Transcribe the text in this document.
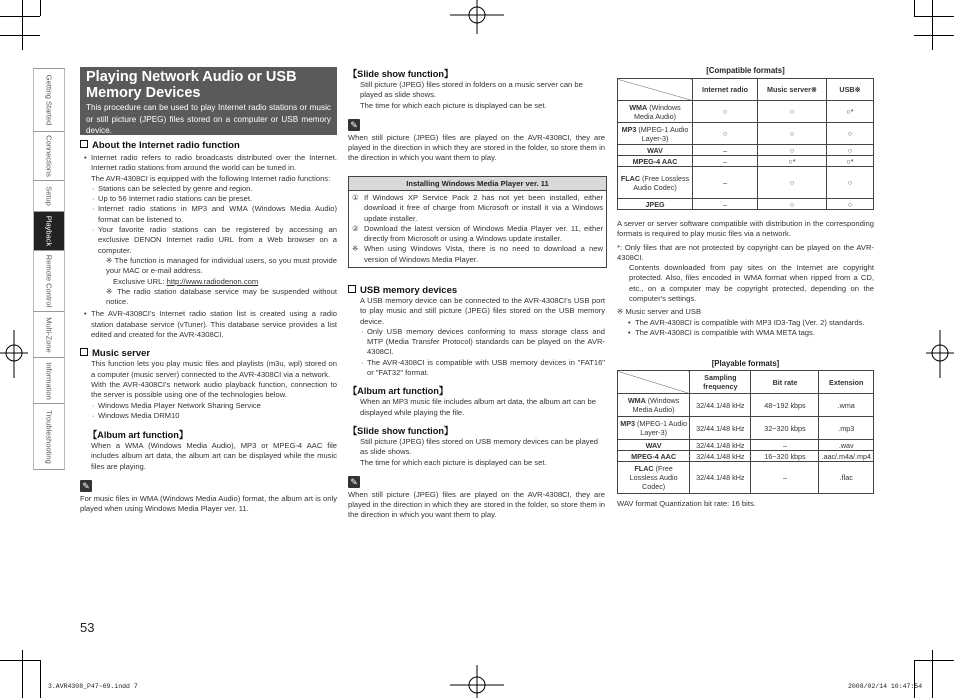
Getting Started
Connections
Setup
Playback
Remote Control
Multi-Zone
Information
Troubleshooting
Playing Network Audio or USB
Memory Devices

This procedure can be used to play Internet radio stations or music or still picture (JPEG) files stored on a computer or USB memory device.

About the Internet radio function
• Internet radio refers to radio broadcasts distributed over the Internet. Internet radio stations from around the world can be tuned in.
The AVR-4308CI is equipped with the following Internet radio functions:
· Stations can be selected by genre and region.
· Up to 56 Internet radio stations can be preset.
· Internet radio stations in MP3 and WMA (Windows Media Audio) format can be listened to.
· Your favorite radio stations can be registered by accessing an exclusive DENON Internet radio URL from a Web browser on a computer.
※ The function is managed for individual users, so you must provide your MAC or e-mail address.
Exclusive URL: http://www.radiodenon.com
※ The radio station database service may be suspended without notice.
• The AVR-4308CI's Internet radio station list is created using a radio station database service (vTuner). This database service provides a list edited and created for the AVR-4308CI.
Music server
This function lets you play music files and playlists (m3u, wpl) stored on a computer (music server) connected to the AVR-4308CI via a network.
With the AVR-4308CI's network audio playback function, connection to the server is possible using one of the technologies below.
· Windows Media Player Network Sharing Service
· Windows Media DRM10
【Album art function】
When a WMA (Windows Media Audio), MP3 or MPEG-4 AAC file includes album art data, the album art can be displayed while the music files are playing.
✎
For music files in WMA (Windows Media Audio) format, the album art is only played when using Windows Media Player ver. 11.
【Slide show function】
Still picture (JPEG) files stored in folders on a music server can be played as slide shows.
The time for which each picture is displayed can be set.
✎
When still picture (JPEG) files are played on the AVR-4308CI, they are played in the direction in which they are stored in the folder, so store them in the direction in which you want them to play.
Installing Windows Media Player ver. 11
① If Windows XP Service Pack 2 has not yet been installed, either download it free of charge from Microsoft or install it via a Windows update installer.
② Download the latest version of Windows Media Player ver. 11, either directly from Microsoft or using a Windows update installer.
※ When using Windows Vista, there is no need to download a new version of Windows Media Player.
USB memory devices
A USB memory device can be connected to the AVR-4308CI's USB port to play music and still picture (JPEG) files stored on the USB memory device.
· Only USB memory devices conforming to mass storage class and MTP (Media Transfer Protocol) standards can be played on the AVR-4308CI.
· The AVR-4308CI is compatible with USB memory devices in "FAT16" or "FAT32" format.
【Album art function】
When an MP3 music file includes album art data, the album art can be displayed while playing the file.
【Slide show function】
Still picture (JPEG) files stored on USB memory devices can be played as slide shows.
The time for which each picture is displayed can be set.
✎
When still picture (JPEG) files are played on the AVR-4308CI, they are played in the direction in which they are stored in the folder, so store them in the direction in which you want them to play.
[Compatible formats]
	Internet radio	Music server※	USB※
WMA (Windows Media Audio)	○	○	○*
MP3 (MPEG-1 Audio Layer-3)	○	○	○
WAV	–	○	○
MPEG-4 AAC	–	○*	○*
FLAC (Free Lossless Audio Codec)	–	○	○
JPEG	–	○	○
A server or server software compatible with distribution in the corresponding formats is required to play music files via a network.
*: Only files that are not protected by copyright can be played on the AVR-4308CI.
Contents downloaded from pay sites on the Internet are copyright protected. Also, files encoded in WMA format when ripped from a CD, etc., on a computer may be copyright protected, depending on the computer's settings.
※ Music server and USB
• The AVR-4308CI is compatible with MP3 ID3-Tag (Ver. 2) standards.
• The AVR-4308CI is compatible with WMA META tags.
[Playable formats]
	Sampling frequency	Bit rate	Extension
WMA (Windows Media Audio)	32/44.1/48 kHz	48~192 kbps	.wma
MP3 (MPEG-1 Audio Layer-3)	32/44.1/48 kHz	32~320 kbps	.mp3
WAV	32/44.1/48 kHz	–	.wav
MPEG-4 AAC	32/44.1/48 kHz	16~320 kbps	.aac/.m4a/.mp4
FLAC (Free Lossless Audio Codec)	32/44.1/48 kHz	–	.flac
WAV format Quantization bit rate: 16 bits.
53
3.AVR4308_P47~69.indd 7	2008/02/14 10:47:54
